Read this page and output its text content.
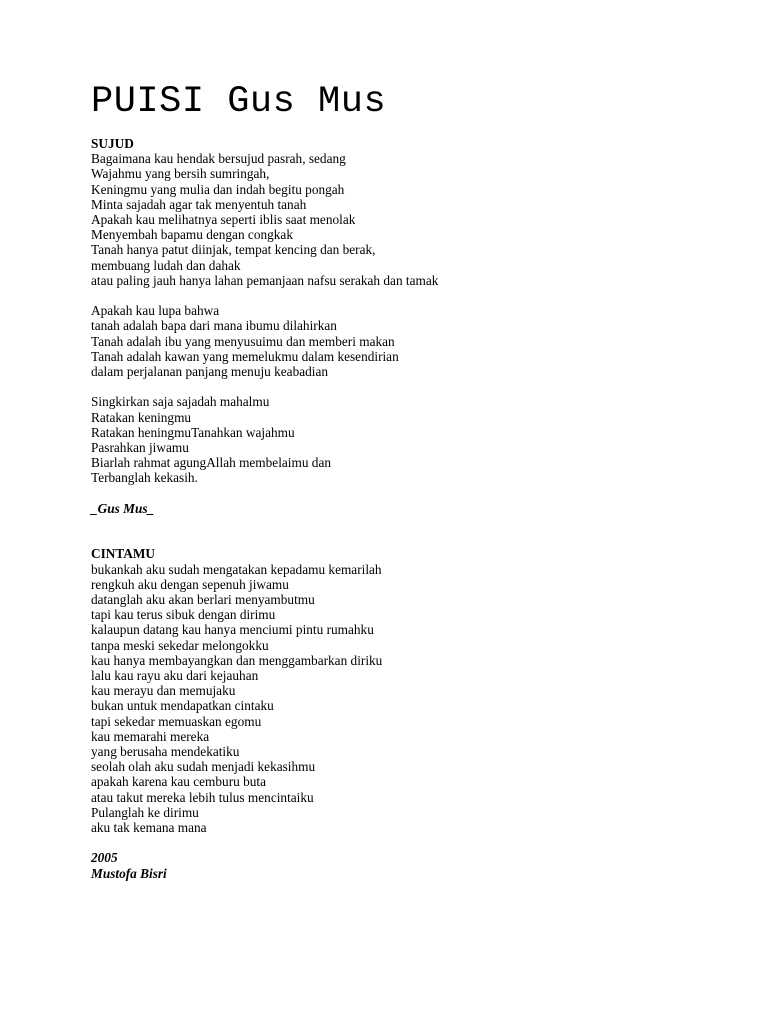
PUISI Gus Mus
SUJUD
Bagaimana kau hendak bersujud pasrah, sedang
Wajahmu yang bersih sumringah,
Keningmu yang mulia dan indah begitu pongah
Minta sajadah agar tak menyentuh tanah
Apakah kau melihatnya seperti iblis saat menolak
Menyembah bapamu dengan congkak
Tanah hanya patut diinjak, tempat kencing dan berak,
membuang ludah dan dahak
atau paling jauh hanya lahan pemanjaan nafsu serakah dan tamak
Apakah kau lupa bahwa
tanah adalah bapa dari mana ibumu dilahirkan
Tanah adalah ibu yang menyusuimu dan memberi makan
Tanah adalah kawan yang memelukmu dalam kesendirian
dalam perjalanan panjang menuju keabadian
Singkirkan saja sajadah mahalmu
Ratakan keningmu
Ratakan heningmuTanahkan wajahmu
Pasrahkan jiwamu
Biarlah rahmat agungAllah membelaimu dan
Terbanglah kekasih.
_Gus Mus_
CINTAMU
bukankah aku sudah mengatakan kepadamu kemarilah
rengkuh aku dengan sepenuh jiwamu
datanglah aku akan berlari menyambutmu
tapi kau terus sibuk dengan dirimu
kalaupun datang kau hanya menciumi pintu rumahku
tanpa meski sekedar melongokku
kau hanya membayangkan dan menggambarkan diriku
lalu kau rayu aku dari kejauhan
kau merayu dan memujaku
bukan untuk mendapatkan cintaku
tapi sekedar memuaskan egomu
kau memarahi mereka
yang berusaha mendekatiku
seolah olah aku sudah menjadi kekasihmu
apakah karena kau cemburu buta
atau takut mereka lebih tulus mencintaiku
Pulanglah ke dirimu
aku tak kemana mana
2005
Mustofa Bisri
